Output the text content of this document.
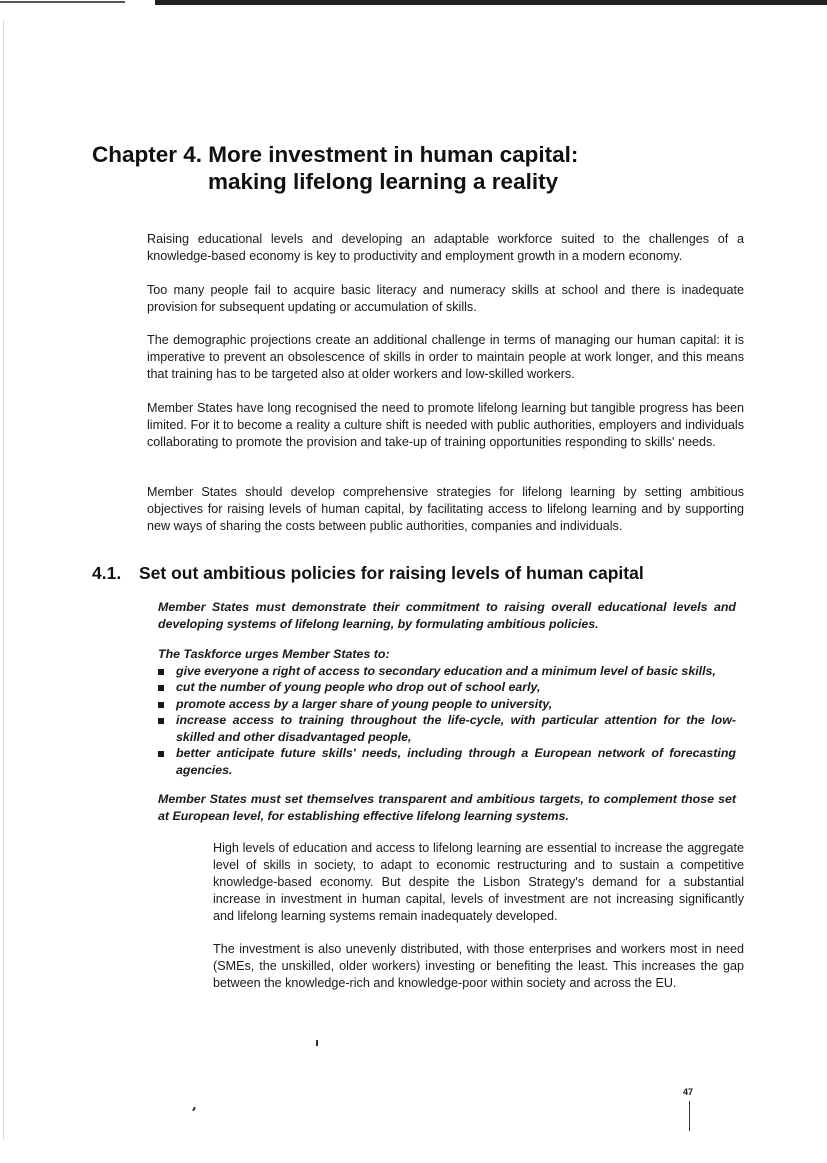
Chapter 4. More investment in human capital:
making lifelong learning a reality

Raising educational levels and developing an adaptable workforce suited to the challenges of a knowledge-based economy is key to productivity and employment growth in a modern economy.

Too many people fail to acquire basic literacy and numeracy skills at school and there is inadequate provision for subsequent updating or accumulation of skills.

The demographic projections create an additional challenge in terms of managing our human capital: it is imperative to prevent an obsolescence of skills in order to maintain people at work longer, and this means that training has to be targeted also at older workers and low-skilled workers.

Member States have long recognised the need to promote lifelong learning but tangible progress has been limited. For it to become a reality a culture shift is needed with public authorities, employers and individuals collaborating to promote the provision and take-up of training opportunities responding to skills' needs.

Member States should develop comprehensive strategies for lifelong learning by setting ambitious objectives for raising levels of human capital, by facilitating access to lifelong learning and by supporting new ways of sharing the costs between public authorities, companies and individuals.

4.1. Set out ambitious policies for raising levels of human capital

Member States must demonstrate their commitment to raising overall educational levels and developing systems of lifelong learning, by formulating ambitious policies.

The Taskforce urges Member States to:

give everyone a right of access to secondary education and a minimum level of basic skills,
cut the number of young people who drop out of school early,
promote access by a larger share of young people to university,
increase access to training throughout the life-cycle, with particular attention for the low-skilled and other disadvantaged people,
better anticipate future skills' needs, including through a European network of forecasting agencies.

Member States must set themselves transparent and ambitious targets, to complement those set at European level, for establishing effective lifelong learning systems.

High levels of education and access to lifelong learning are essential to increase the aggregate level of skills in society, to adapt to economic restructuring and to sustain a competitive knowledge-based economy. But despite the Lisbon Strategy's demand for a substantial increase in investment in human capital, levels of investment are not increasing significantly and lifelong learning systems remain inadequately developed.

The investment is also unevenly distributed, with those enterprises and workers most in need (SMEs, the unskilled, older workers) investing or benefiting the least. This increases the gap between the knowledge-rich and knowledge-poor within society and across the EU.

47
